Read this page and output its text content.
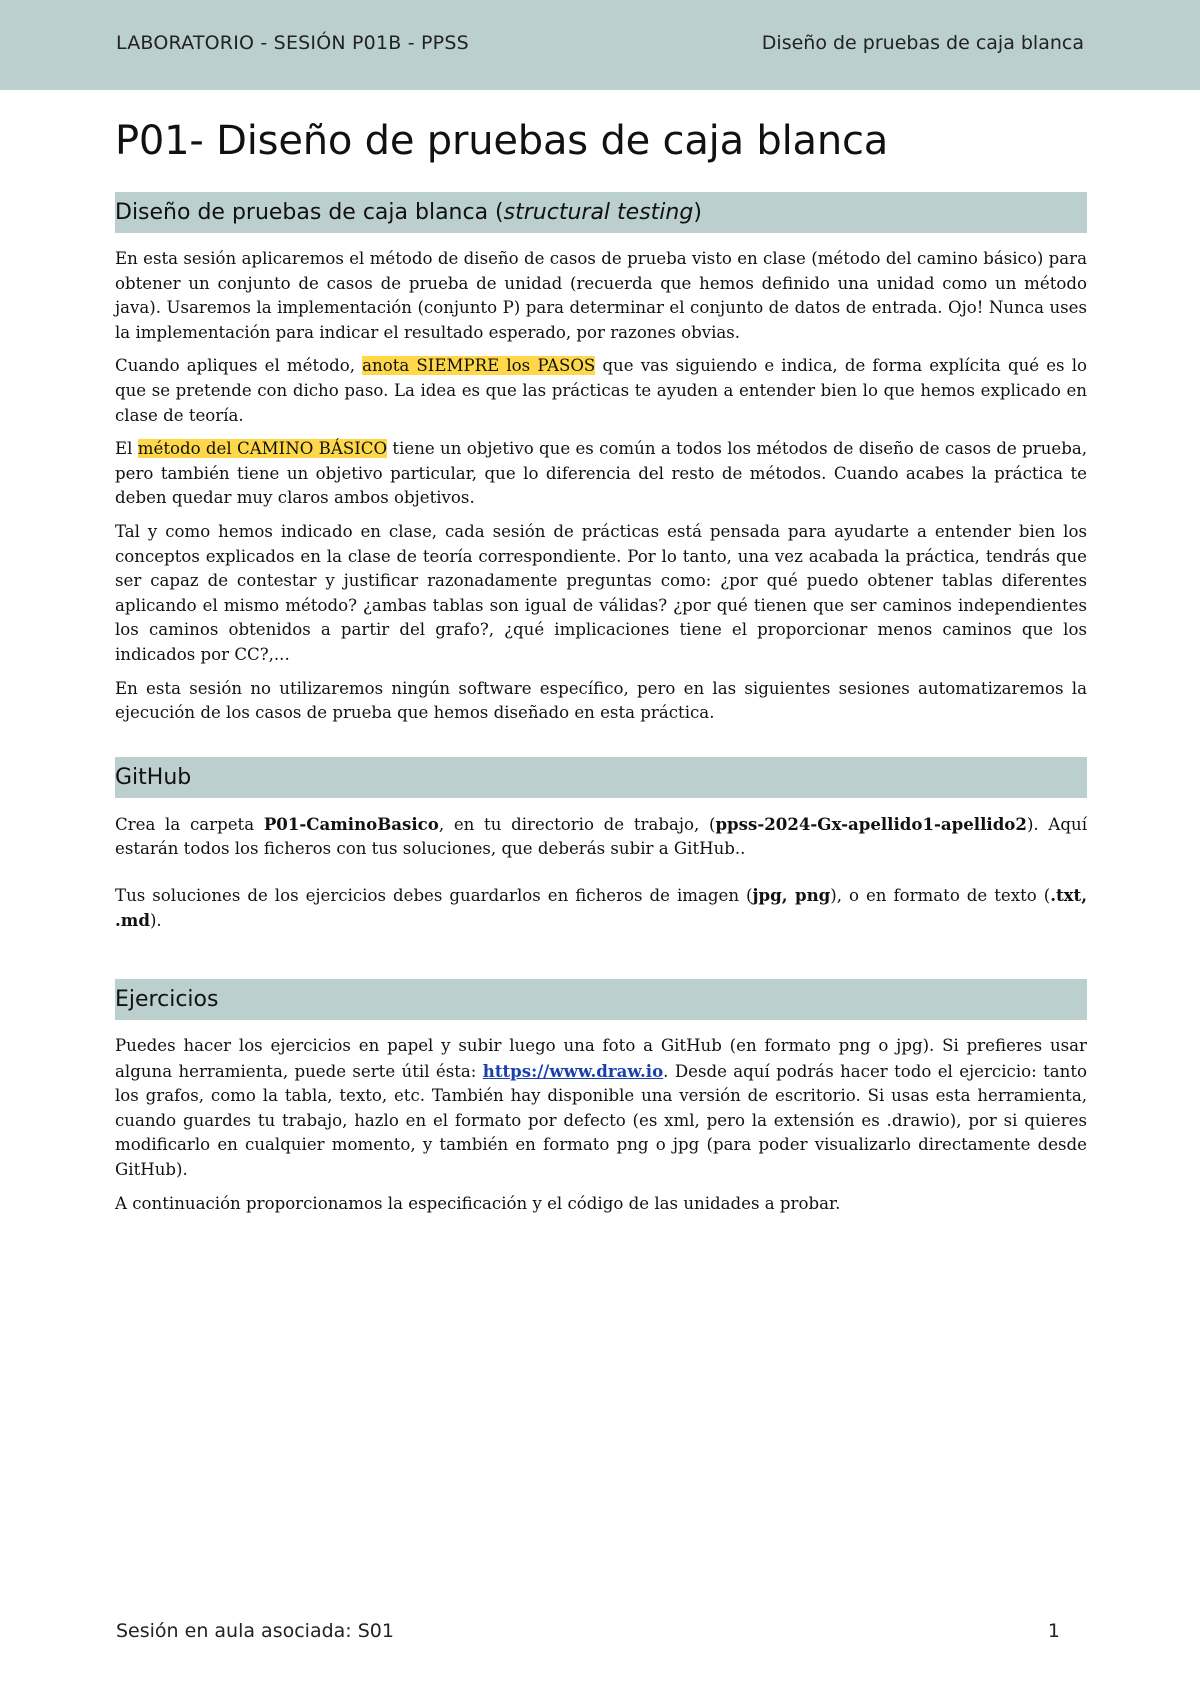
LABORATORIO - SESIÓN P01B - PPSS	Diseño de pruebas de caja blanca
P01- Diseño de pruebas de caja blanca
Diseño de pruebas de caja blanca (structural testing)

En esta sesión aplicaremos el método de diseño de casos de prueba visto en clase (método del camino básico) para obtener un conjunto de casos de prueba de unidad (recuerda que hemos definido una unidad como un método java). Usaremos la implementación (conjunto P) para determinar el conjunto de datos de entrada. Ojo! Nunca uses la implementación para indicar el resultado esperado, por razones obvias.

Cuando apliques el método, anota SIEMPRE los PASOS que vas siguiendo e indica, de forma explícita qué es lo que se pretende con dicho paso. La idea es que las prácticas te ayuden a entender bien lo que hemos explicado en clase de teoría.

El método del CAMINO BÁSICO tiene un objetivo que es común a todos los métodos de diseño de casos de prueba, pero también tiene un objetivo particular, que lo diferencia del resto de métodos. Cuando acabes la práctica te deben quedar muy claros ambos objetivos.

Tal y como hemos indicado en clase, cada sesión de prácticas está pensada para ayudarte a entender bien los conceptos explicados en la clase de teoría correspondiente. Por lo tanto, una vez acabada la práctica, tendrás que ser capaz de contestar y justificar razonadamente preguntas como: ¿por qué puedo obtener tablas diferentes aplicando el mismo método? ¿ambas tablas son igual de válidas? ¿por qué tienen que ser caminos independientes los caminos obtenidos a partir del grafo?, ¿qué implicaciones tiene el proporcionar menos caminos que los indicados por CC?,...

En esta sesión no utilizaremos ningún software específico, pero en las siguientes sesiones automatizaremos la ejecución de los casos de prueba que hemos diseñado en esta práctica.

GitHub

Crea la carpeta P01-CaminoBasico, en tu directorio de trabajo, (ppss-2024-Gx-apellido1-apellido2). Aquí estarán todos los ficheros con tus soluciones, que deberás subir a GitHub..

Tus soluciones de los ejercicios debes guardarlos en ficheros de imagen (jpg, png), o en formato de texto (.txt, .md).

Ejercicios

Puedes hacer los ejercicios en papel y subir luego una foto a GitHub (en formato png o jpg). Si prefieres usar alguna herramienta, puede serte útil ésta: https://www.draw.io. Desde aquí podrás hacer todo el ejercicio: tanto los grafos, como la tabla, texto, etc. También hay disponible una versión de escritorio. Si usas esta herramienta, cuando guardes tu trabajo, hazlo en el formato por defecto (es xml, pero la extensión es .drawio), por si quieres modificarlo en cualquier momento, y también en formato png o jpg (para poder visualizarlo directamente desde GitHub).

A continuación proporcionamos la especificación y el código de las unidades a probar.

Sesión en aula asociada: S01	1
